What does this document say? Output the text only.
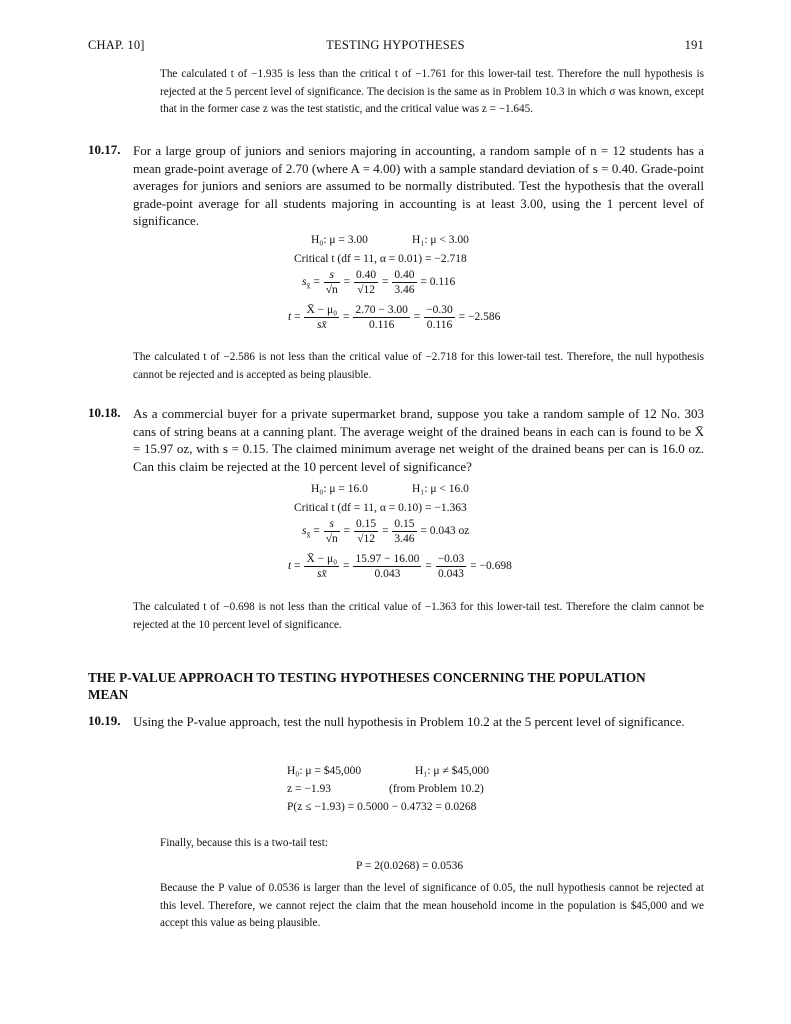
CHAP. 10]	TESTING HYPOTHESES	191
The calculated t of −1.935 is less than the critical t of −1.761 for this lower-tail test. Therefore the null hypothesis is rejected at the 5 percent level of significance. The decision is the same as in Problem 10.3 in which σ was known, except that in the former case z was the test statistic, and the critical value was z = −1.645.
10.17. For a large group of juniors and seniors majoring in accounting, a random sample of n = 12 students has a mean grade-point average of 2.70 (where A = 4.00) with a sample standard deviation of s = 0.40. Grade-point averages for juniors and seniors are assumed to be normally distributed. Test the hypothesis that the overall grade-point average for all students majoring in accounting is at least 3.00, using the 1 percent level of significance.
H₀: μ = 3.00	H₁: μ < 3.00
Critical t (df = 11, α = 0.01) = −2.718
$s_{x̄} = \frac{s}{√n} = \frac{0.40}{√12} = \frac{0.40}{3.46} = 0.116$
$t = \frac{\text{X̄ − μ₀}}{sx̄} = \frac{2.70 - 3.00}{0.116} = \frac{-0.30}{0.116} = -2.586$
The calculated t of −2.586 is not less than the critical value of −2.718 for this lower-tail test. Therefore, the null hypothesis cannot be rejected and is accepted as being plausible.
10.18. As a commercial buyer for a private supermarket brand, suppose you take a random sample of 12 No. 303 cans of string beans at a canning plant. The average weight of the drained beans in each can is found to be X̄ = 15.97 oz, with s = 0.15. The claimed minimum average net weight of the drained beans per can is 16.0 oz. Can this claim be rejected at the 10 percent level of significance?
H₀: μ = 16.0	H₁: μ < 16.0
Critical t (df = 11, α = 0.10) = −1.363
$s_{x̄} = \frac{s}{√n} = \frac{0.15}{√12} = \frac{0.15}{3.46} = 0.043$ oz
$t = \frac{\text{X̄ − μ₀}}{sx̄} = \frac{15.97 - 16.00}{0.043} = \frac{-0.03}{0.043} = -0.698$
The calculated t of −0.698 is not less than the critical value of −1.363 for this lower-tail test. Therefore the claim cannot be rejected at the 10 percent level of significance.
THE P-VALUE APPROACH TO TESTING HYPOTHESES CONCERNING THE POPULATION MEAN
10.19. Using the P-value approach, test the null hypothesis in Problem 10.2 at the 5 percent level of significance.
H₀: μ = $45,000	H₁: μ ≠ $45,000
z = −1.93	(from Problem 10.2)
P(z ≤ −1.93) = 0.5000 − 0.4732 = 0.0268
Finally, because this is a two-tail test:
P = 2(0.0268) = 0.0536
Because the P value of 0.0536 is larger than the level of significance of 0.05, the null hypothesis cannot be rejected at this level. Therefore, we cannot reject the claim that the mean household income in the population is $45,000 and we accept this value as being plausible.
